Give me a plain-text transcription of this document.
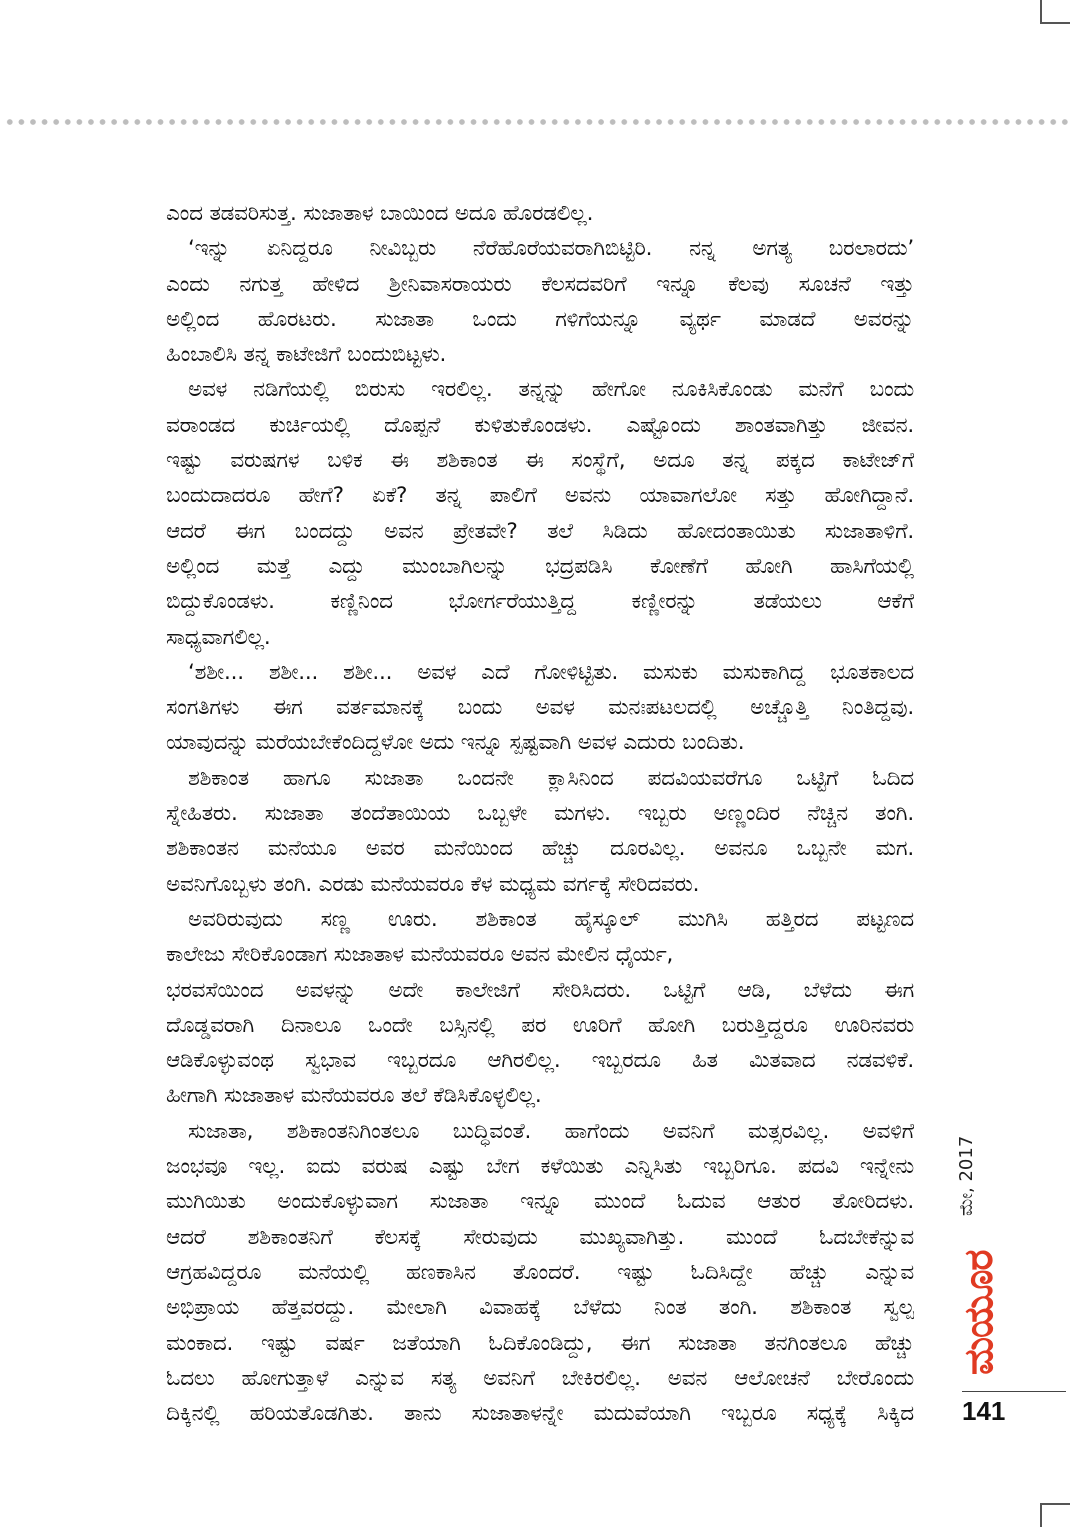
ಎಂದ ತಡವರಿಸುತ್ತ. ಸುಜಾತಾಳ ಬಾಯಿಂದ ಅದೂ ಹೊರಡಲಿಲ್ಲ.
‘ಇನ್ನು ಏನಿದ್ದರೂ ನೀವಿಬ್ಬರು ನೆರೆಹೊರೆಯವರಾಗಿಬಿಟ್ಟಿರಿ. ನನ್ನ ಅಗತ್ಯ ಬರಲಾರದು’
ಎಂದು ನಗುತ್ತ ಹೇಳಿದ ಶ್ರೀನಿವಾಸರಾಯರು ಕೆಲಸದವರಿಗೆ ಇನ್ನೂ ಕೆಲವು ಸೂಚನೆ ಇತ್ತು
ಅಲ್ಲಿಂದ ಹೊರಟರು. ಸುಜಾತಾ ಒಂದು ಗಳಿಗೆಯನ್ನೂ ವ್ಯರ್ಥ ಮಾಡದೆ ಅವರನ್ನು
ಹಿಂಬಾಲಿಸಿ ತನ್ನ ಕಾಟೇಜಿಗೆ ಬಂದುಬಿಟ್ಟಳು.
ಅವಳ ನಡಿಗೆಯಲ್ಲಿ ಬಿರುಸು ಇರಲಿಲ್ಲ. ತನ್ನನ್ನು ಹೇಗೋ ನೂಕಿಸಿಕೊಂಡು ಮನೆಗೆ ಬಂದು
ವರಾಂಡದ ಕುರ್ಚಿಯಲ್ಲಿ ದೊಪ್ಪನೆ ಕುಳಿತುಕೊಂಡಳು. ಎಷ್ಟೊಂದು ಶಾಂತವಾಗಿತ್ತು ಜೀವನ.
ಇಷ್ಟು ವರುಷಗಳ ಬಳಿಕ ಈ ಶಶಿಕಾಂತ ಈ ಸಂಸ್ಥೆಗೆ, ಅದೂ ತನ್ನ ಪಕ್ಕದ ಕಾಟೇಜ್‌ಗೆ
ಬಂದುದಾದರೂ ಹೇಗೆ? ಏಕೆ? ತನ್ನ ಪಾಲಿಗೆ ಅವನು ಯಾವಾಗಲೋ ಸತ್ತು ಹೋಗಿದ್ದಾನೆ.
ಆದರೆ ಈಗ ಬಂದದ್ದು ಅವನ ಪ್ರೇತವೇ? ತಲೆ ಸಿಡಿದು ಹೋದಂತಾಯಿತು ಸುಜಾತಾಳಿಗೆ.
ಅಲ್ಲಿಂದ ಮತ್ತೆ ಎದ್ದು ಮುಂಬಾಗಿಲನ್ನು ಭದ್ರಪಡಿಸಿ ಕೋಣೆಗೆ ಹೋಗಿ ಹಾಸಿಗೆಯಲ್ಲಿ
ಬಿದ್ದುಕೊಂಡಳು. ಕಣ್ಣಿನಿಂದ ಭೋರ್ಗರೆಯುತ್ತಿದ್ದ ಕಣ್ಣೀರನ್ನು ತಡೆಯಲು ಆಕೆಗೆ
ಸಾಧ್ಯವಾಗಲಿಲ್ಲ.
‘ಶಶೀ... ಶಶೀ... ಶಶೀ... ಅವಳ ಎದೆ ಗೋಳಿಟ್ಟಿತು. ಮಸುಕು ಮಸುಕಾಗಿದ್ದ ಭೂತಕಾಲದ
ಸಂಗತಿಗಳು ಈಗ ವರ್ತಮಾನಕ್ಕೆ ಬಂದು ಅವಳ ಮನಃಪಟಲದಲ್ಲಿ ಅಚ್ಚೊತ್ತಿ ನಿಂತಿದ್ದವು.
ಯಾವುದನ್ನು ಮರೆಯಬೇಕೆಂದಿದ್ದಳೋ ಅದು ಇನ್ನೂ ಸ್ಪಷ್ಟವಾಗಿ ಅವಳ ಎದುರು ಬಂದಿತು.
ಶಶಿಕಾಂತ ಹಾಗೂ ಸುಜಾತಾ ಒಂದನೇ ಕ್ಲಾಸಿನಿಂದ ಪದವಿಯವರೆಗೂ ಒಟ್ಟಿಗೆ ಓದಿದ
ಸ್ನೇಹಿತರು. ಸುಜಾತಾ ತಂದೆತಾಯಿಯ ಒಬ್ಬಳೇ ಮಗಳು. ಇಬ್ಬರು ಅಣ್ಣಂದಿರ ನೆಚ್ಚಿನ ತಂಗಿ.
ಶಶಿಕಾಂತನ ಮನೆಯೂ ಅವರ ಮನೆಯಿಂದ ಹೆಚ್ಚು ದೂರವಿಲ್ಲ. ಅವನೂ ಒಬ್ಬನೇ ಮಗ.
ಅವನಿಗೊಬ್ಬಳು ತಂಗಿ. ಎರಡು ಮನೆಯವರೂ ಕೆಳ ಮಧ್ಯಮ ವರ್ಗಕ್ಕೆ ಸೇರಿದವರು.
ಅವರಿರುವುದು ಸಣ್ಣ ಊರು. ಶಶಿಕಾಂತ ಹೈಸ್ಕೂಲ್ ಮುಗಿಸಿ ಹತ್ತಿರದ ಪಟ್ಟಣದ
ಕಾಲೇಜು ಸೇರಿಕೊಂಡಾಗ ಸುಜಾತಾಳ ಮನೆಯವರೂ ಅವನ ಮೇಲಿನ ಧೈರ್ಯ,
ಭರವಸೆಯಿಂದ ಅವಳನ್ನು ಅದೇ ಕಾಲೇಜಿಗೆ ಸೇರಿಸಿದರು. ಒಟ್ಟಿಗೆ ಆಡಿ, ಬೆಳೆದು ಈಗ
ದೊಡ್ಡವರಾಗಿ ದಿನಾಲೂ ಒಂದೇ ಬಸ್ಸಿನಲ್ಲಿ ಪರ ಊರಿಗೆ ಹೋಗಿ ಬರುತ್ತಿದ್ದರೂ ಊರಿನವರು
ಆಡಿಕೊಳ್ಳುವಂಥ ಸ್ವಭಾವ ಇಬ್ಬರದೂ ಆಗಿರಲಿಲ್ಲ. ಇಬ್ಬರದೂ ಹಿತ ಮಿತವಾದ ನಡವಳಿಕೆ.
ಹೀಗಾಗಿ ಸುಜಾತಾಳ ಮನೆಯವರೂ ತಲೆ ಕೆಡಿಸಿಕೊಳ್ಳಲಿಲ್ಲ.
ಸುಜಾತಾ, ಶಶಿಕಾಂತನಿಗಿಂತಲೂ ಬುದ್ಧಿವಂತೆ. ಹಾಗೆಂದು ಅವನಿಗೆ ಮತ್ಸರವಿಲ್ಲ. ಅವಳಿಗೆ
ಜಂಭವೂ ಇಲ್ಲ. ಐದು ವರುಷ ಎಷ್ಟು ಬೇಗ ಕಳೆಯಿತು ಎನ್ನಿಸಿತು ಇಬ್ಬರಿಗೂ. ಪದವಿ ಇನ್ನೇನು
ಮುಗಿಯಿತು ಅಂದುಕೊಳ್ಳುವಾಗ ಸುಜಾತಾ ಇನ್ನೂ ಮುಂದೆ ಓದುವ ಆತುರ ತೋರಿದಳು.
ಆದರೆ ಶಶಿಕಾಂತನಿಗೆ ಕೆಲಸಕ್ಕೆ ಸೇರುವುದು ಮುಖ್ಯವಾಗಿತ್ತು. ಮುಂದೆ ಓದಬೇಕೆನ್ನುವ
ಆಗ್ರಹವಿದ್ದರೂ ಮನೆಯಲ್ಲಿ ಹಣಕಾಸಿನ ತೊಂದರೆ. ಇಷ್ಟು ಓದಿಸಿದ್ದೇ ಹೆಚ್ಚು ಎನ್ನುವ
ಅಭಿಪ್ರಾಯ ಹೆತ್ತವರದ್ದು. ಮೇಲಾಗಿ ವಿವಾಹಕ್ಕೆ ಬೆಳೆದು ನಿಂತ ತಂಗಿ. ಶಶಿಕಾಂತ ಸ್ವಲ್ಪ
ಮಂಕಾದ. ಇಷ್ಟು ವರ್ಷ ಜತೆಯಾಗಿ ಓದಿಕೊಂಡಿದ್ದು, ಈಗ ಸುಜಾತಾ ತನಗಿಂತಲೂ ಹೆಚ್ಚು
ಓದಲು ಹೋಗುತ್ತಾಳೆ ಎನ್ನುವ ಸತ್ಯ ಅವನಿಗೆ ಬೇಕಿರಲಿಲ್ಲ. ಅವನ ಆಲೋಚನೆ ಬೇರೊಂದು
ದಿಕ್ಕಿನಲ್ಲಿ ಹರಿಯತೊಡಗಿತು. ತಾನು ಸುಜಾತಾಳನ್ನೇ ಮದುವೆಯಾಗಿ ಇಬ್ಬರೂ ಸಧ್ಯಕ್ಕೆ ಸಿಕ್ಕಿದ
ಮೇ, 2017
ಮಯೂರ
141
